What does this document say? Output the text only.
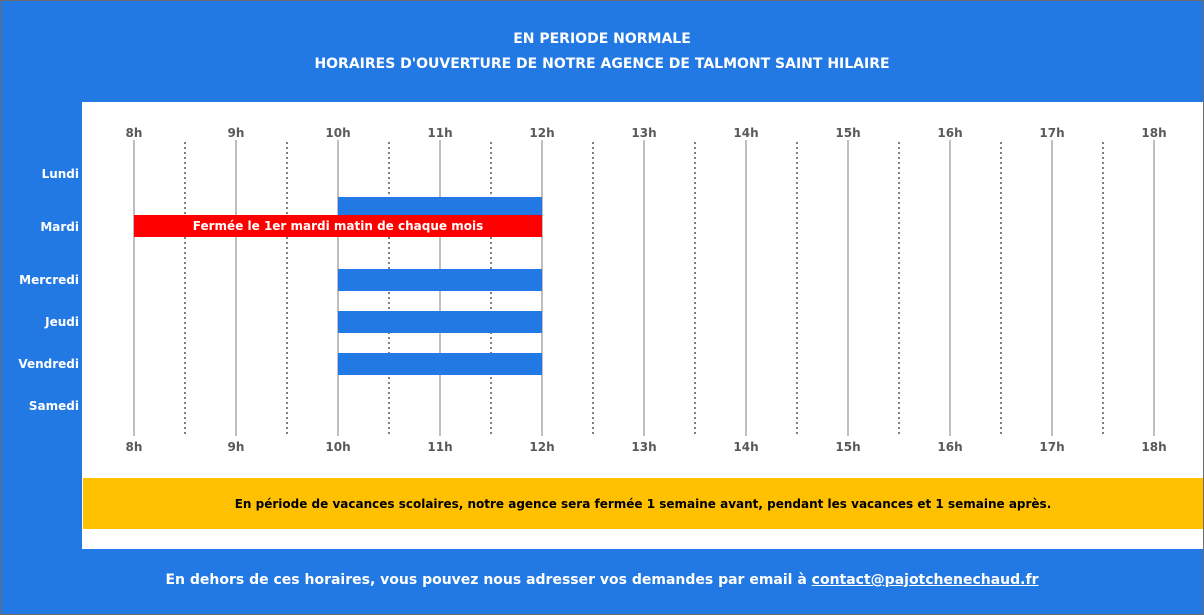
EN PERIODE NORMALE
HORAIRES D'OUVERTURE DE NOTRE AGENCE DE TALMONT SAINT HILAIRE
8h
8h
9h
9h
10h
10h
11h
11h
12h
12h
13h
13h
14h
14h
15h
15h
16h
16h
17h
17h
18h
18h
Lundi
Mardi
Mercredi
Jeudi
Vendredi
Samedi
Fermée le 1er mardi matin de chaque mois
En période de vacances scolaires, notre agence sera fermée 1 semaine avant, pendant les vacances et 1 semaine après.
En dehors de ces horaires, vous pouvez nous adresser vos demandes par email à contact@pajotchenechaud.fr
